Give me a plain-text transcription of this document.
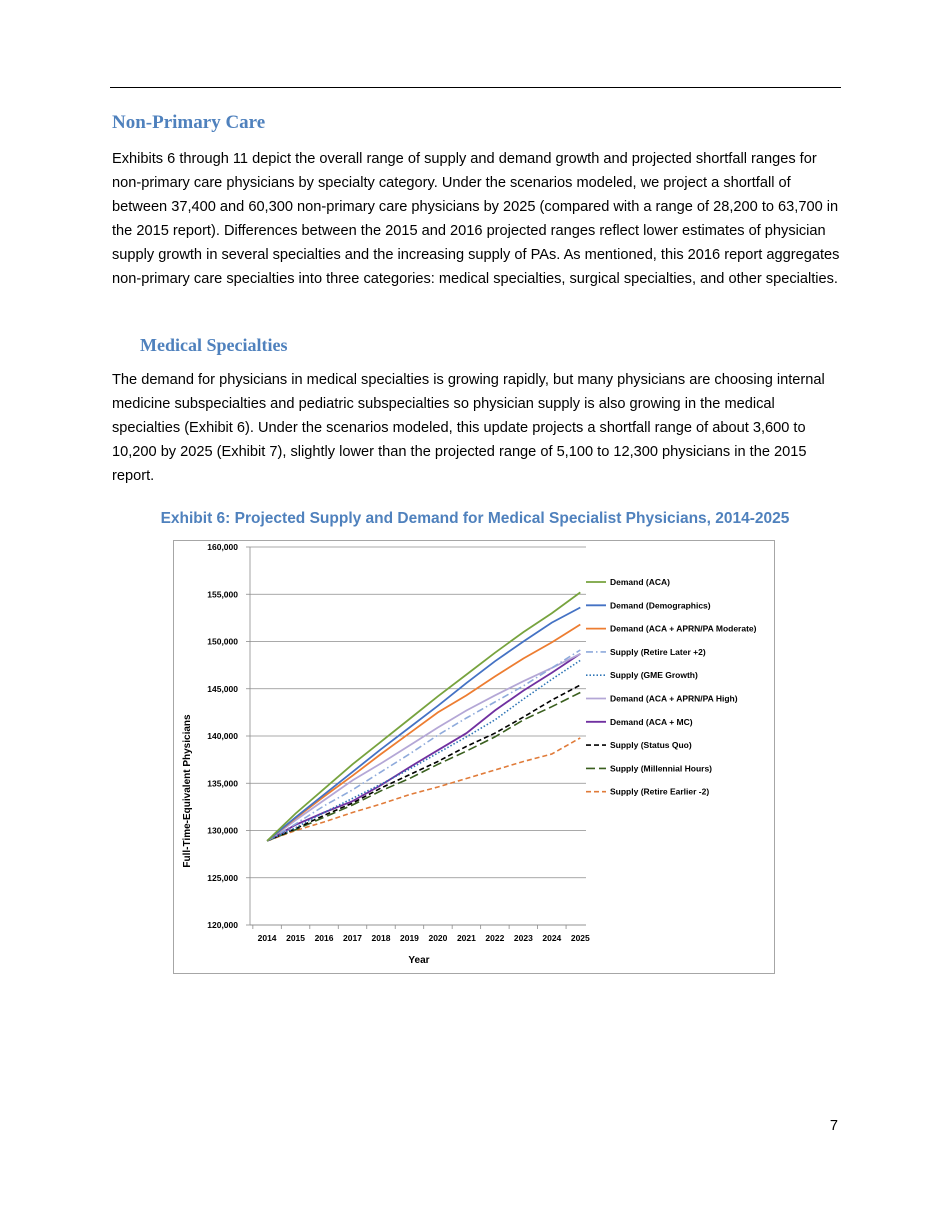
Non-Primary Care

Exhibits 6 through 11 depict the overall range of supply and demand growth and projected shortfall ranges for non-primary care physicians by specialty category. Under the scenarios modeled, we project a shortfall of between 37,400 and 60,300 non-primary care physicians by 2025 (compared with a range of 28,200 to 63,700 in the 2015 report). Differences between the 2015 and 2016 projected ranges reflect lower estimates of physician supply growth in several specialties and the increasing supply of PAs. As mentioned, this 2016 report aggregates non-primary care specialties into three categories: medical specialties, surgical specialties, and other specialties.

Medical Specialties

The demand for physicians in medical specialties is growing rapidly, but many physicians are choosing internal medicine subspecialties and pediatric subspecialties so physician supply is also growing in the medical specialties (Exhibit 6). Under the scenarios modeled, this update projects a shortfall range of about 3,600 to 10,200 by 2025 (Exhibit 7), slightly lower than the projected range of 5,100 to 12,300 physicians in the 2015 report.

Exhibit 6: Projected Supply and Demand for Medical Specialist Physicians, 2014-2025

120,000
125,000
130,000
135,000
140,000
145,000
150,000
155,000
160,000
2014 2015 2016 2017 2018 2019 2020 2021 2022 2023 2024 2025
Demand (ACA)
Demand (Demographics)
Demand (ACA + APRN/PA Moderate)
Supply (Retire Later +2)
Supply (GME Growth)
Demand (ACA + APRN/PA High)
Demand (ACA + MC)
Supply (Status Quo)
Supply (Millennial Hours)
Supply (Retire Earlier -2)
Full-Time-Equivalent Physicians
Year

7
